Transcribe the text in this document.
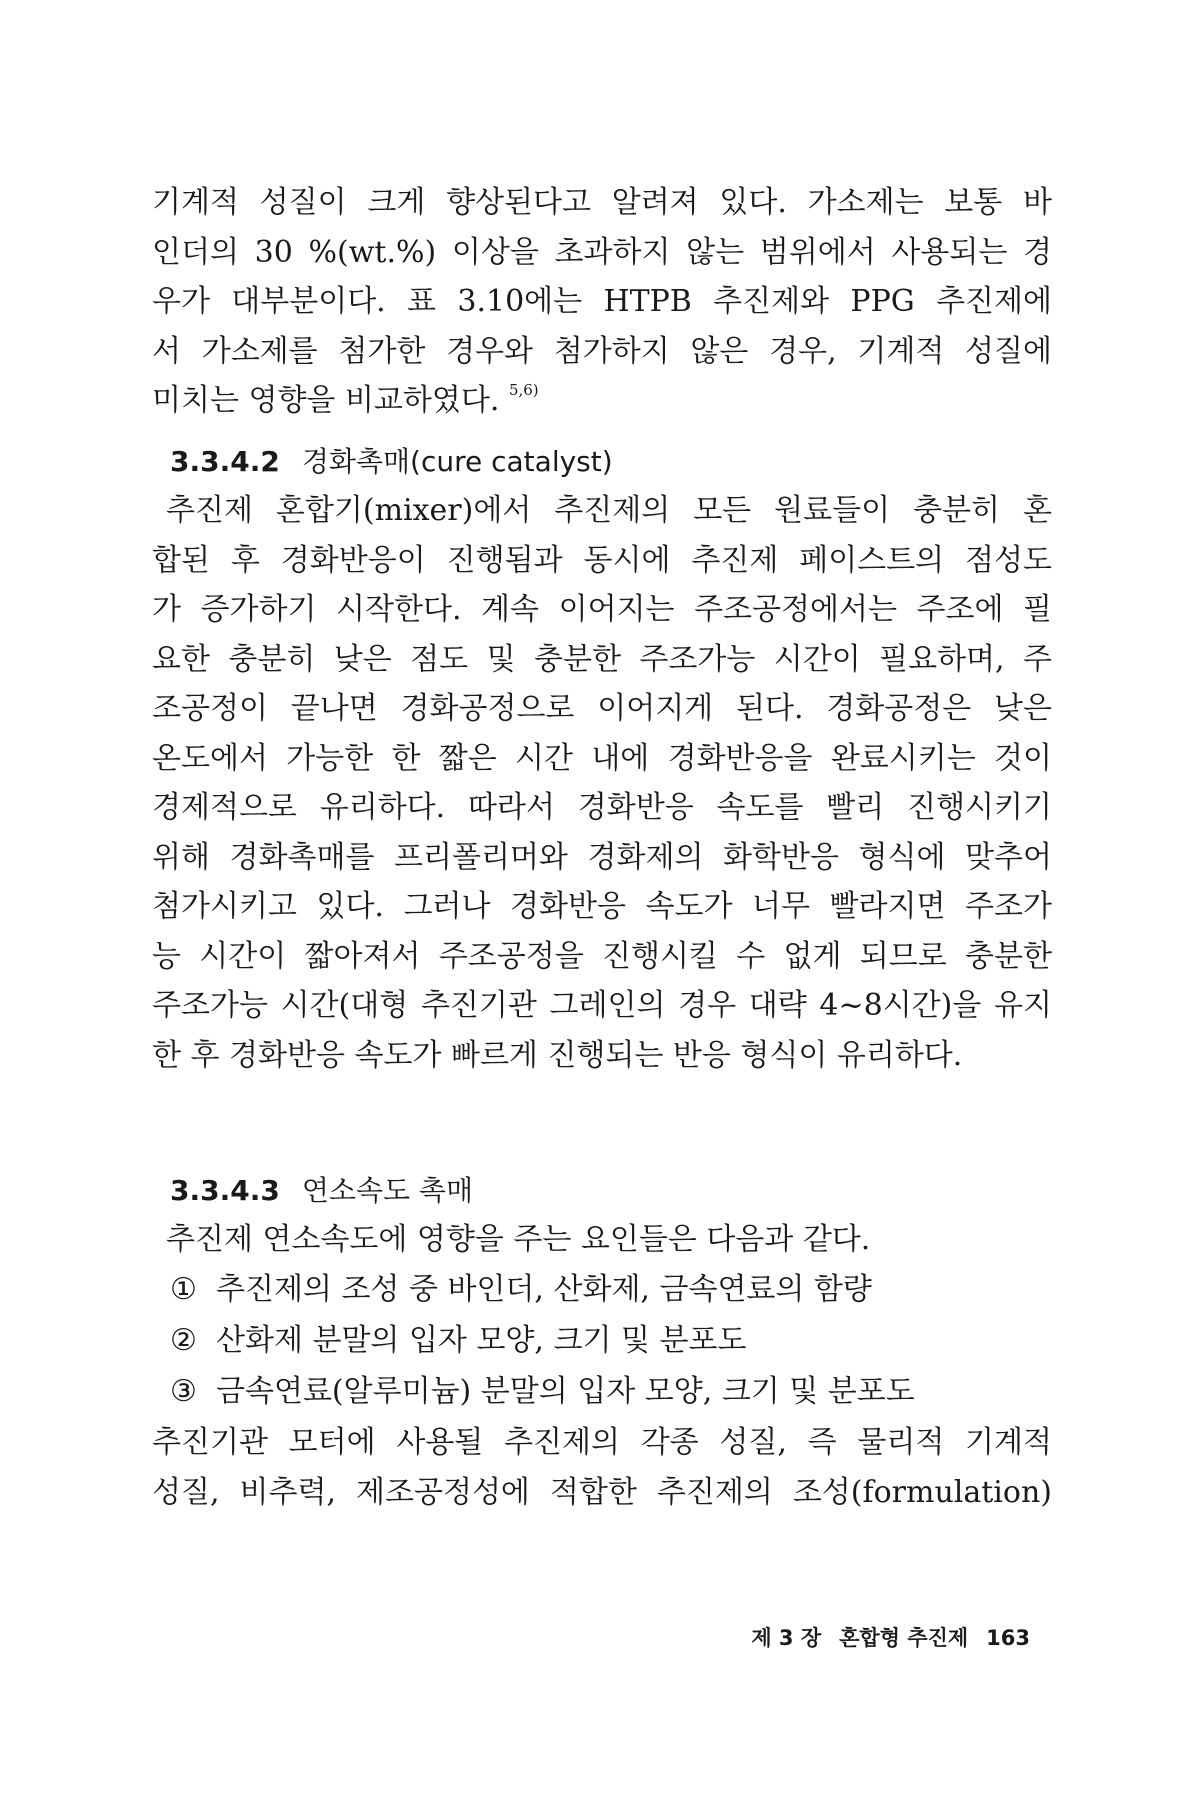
기계적 성질이 크게 향상된다고 알려져 있다. 가소제는 보통 바
인더의 30 %(wt.%) 이상을 초과하지 않는 범위에서 사용되는 경
우가 대부분이다. 표 3.10에는 HTPB 추진제와 PPG 추진제에
서 가소제를 첨가한 경우와 첨가하지 않은 경우, 기계적 성질에
미치는 영향을 비교하였다. $^{5,6)}$
3.3.4.2 경화촉매(cure catalyst)
추진제 혼합기(mixer)에서 추진제의 모든 원료들이 충분히 혼
합된 후 경화반응이 진행됨과 동시에 추진제 페이스트의 점성도
가 증가하기 시작한다. 계속 이어지는 주조공정에서는 주조에 필
요한 충분히 낮은 점도 및 충분한 주조가능 시간이 필요하며, 주
조공정이 끝나면 경화공정으로 이어지게 된다. 경화공정은 낮은
온도에서 가능한 한 짧은 시간 내에 경화반응을 완료시키는 것이
경제적으로 유리하다. 따라서 경화반응 속도를 빨리 진행시키기
위해 경화촉매를 프리폴리머와 경화제의 화학반응 형식에 맞추어
첨가시키고 있다. 그러나 경화반응 속도가 너무 빨라지면 주조가
능 시간이 짧아져서 주조공정을 진행시킬 수 없게 되므로 충분한
주조가능 시간(대형 추진기관 그레인의 경우 대략 4~8시간)을 유지
한 후 경화반응 속도가 빠르게 진행되는 반응 형식이 유리하다.
3.3.4.3 연소속도 촉매
추진제 연소속도에 영향을 주는 요인들은 다음과 같다.
① 추진제의 조성 중 바인더, 산화제, 금속연료의 함량
② 산화제 분말의 입자 모양, 크기 및 분포도
③ 금속연료(알루미늄) 분말의 입자 모양, 크기 및 분포도
추진기관 모터에 사용될 추진제의 각종 성질, 즉 물리적 기계적
성질, 비추력, 제조공정성에 적합한 추진제의 조성(formulation)
제 3 장 혼합형 추진제 163
